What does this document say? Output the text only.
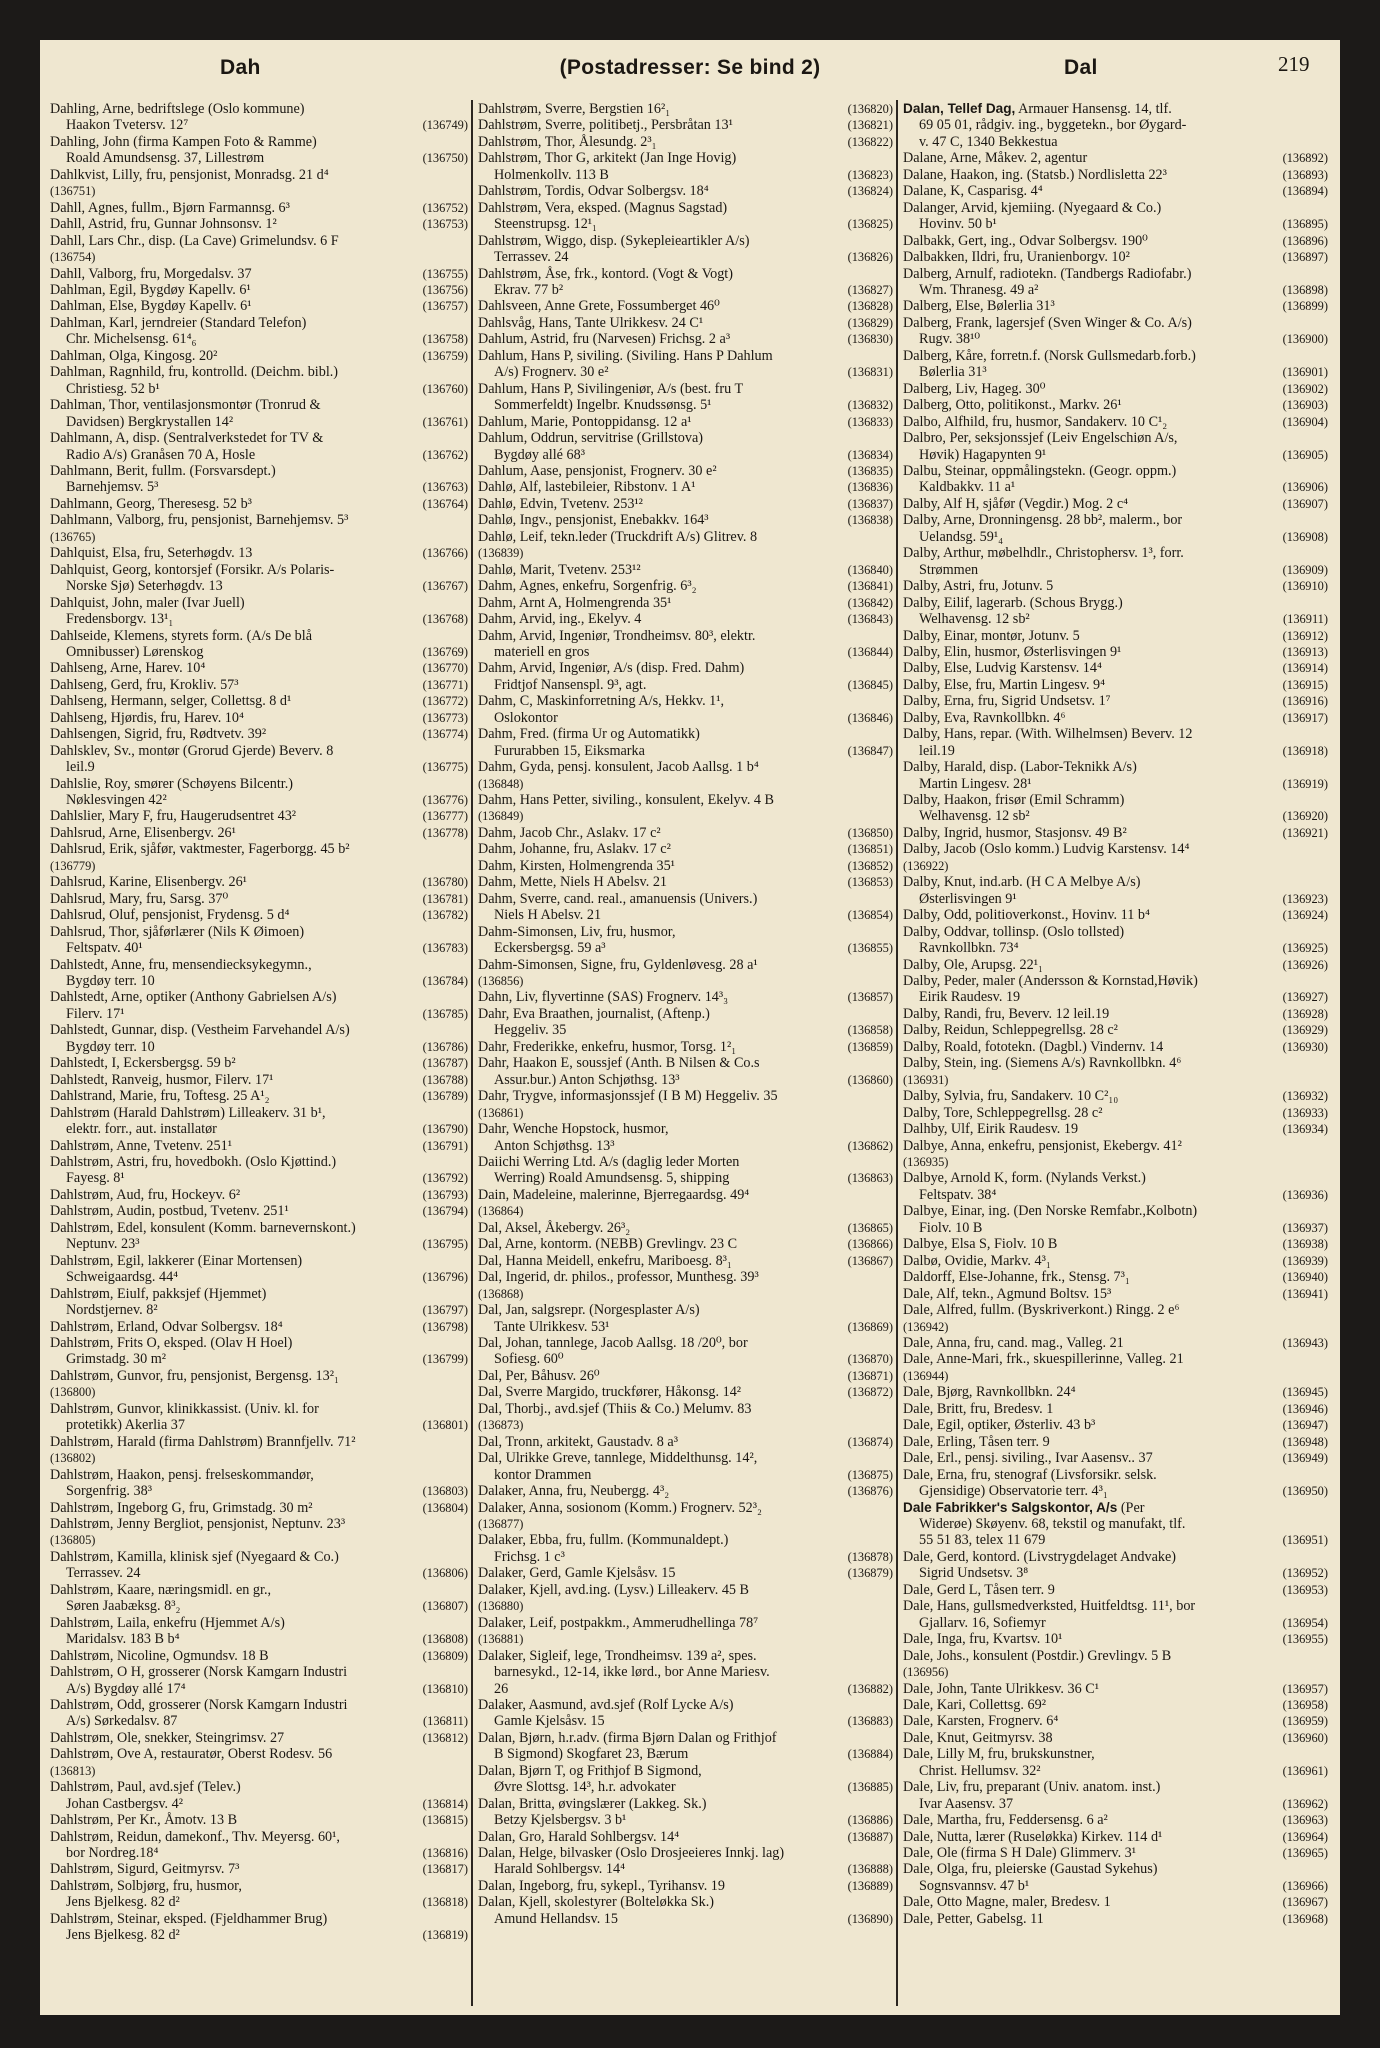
Dah	(Postadresser: Se bind 2)	Dal	219
Dahling, Arne, bedriftslege (Oslo kommune)
Haakon Tvetersv. 12⁷	(136749)
Dahling, John (firma Kampen Foto & Ramme)
Roald Amundsensg. 37, Lillestrøm	(136750)
Dahlkvist, Lilly, fru, pensjonist, Monradsg. 21 d⁴
(136751)
Dahll, Agnes, fullm., Bjørn Farmannsg. 6³	(136752)
Dahll, Astrid, fru, Gunnar Johnsonsv. 1²	(136753)
Dahll, Lars Chr., disp. (La Cave) Grimelundsv. 6 F
(136754)
Dahll, Valborg, fru, Morgedalsv. 37	(136755)
Dahlman, Egil, Bygdøy Kapellv. 6¹	(136756)
Dahlman, Else, Bygdøy Kapellv. 6¹	(136757)
Dahlman, Karl, jerndreier (Standard Telefon)
Chr. Michelsensg. 61⁴₆	(136758)
Dahlman, Olga, Kingosg. 20²	(136759)
Dahlman, Ragnhild, fru, kontrolld. (Deichm. bibl.)
Christiesg. 52 b¹	(136760)
Dahlman, Thor, ventilasjonsmontør (Tronrud &
Davidsen) Bergkrystallen 14²	(136761)
Dahlmann, A, disp. (Sentralverkstedet for TV &
Radio A/s) Granåsen 70 A, Hosle	(136762)
Dahlmann, Berit, fullm. (Forsvarsdept.)
Barnehjemsv. 5³	(136763)
Dahlmann, Georg, Theresesg. 52 b³	(136764)
Dahlmann, Valborg, fru, pensjonist, Barnehjemsv. 5³
(136765)
Dahlquist, Elsa, fru, Seterhøgdv. 13	(136766)
Dahlquist, Georg, kontorsjef (Forsikr. A/s Polaris-
Norske Sjø) Seterhøgdv. 13	(136767)
Dahlquist, John, maler (Ivar Juell)
Fredensborgv. 13¹₁	(136768)
Dahlseide, Klemens, styrets form. (A/s De blå
Omnibusser) Lørenskog	(136769)
Dahlseng, Arne, Harev. 10⁴	(136770)
Dahlseng, Gerd, fru, Krokliv. 57³	(136771)
Dahlseng, Hermann, selger, Collettsg. 8 d¹	(136772)
Dahlseng, Hjørdis, fru, Harev. 10⁴	(136773)
Dahlsengen, Sigrid, fru, Rødtvetv. 39²	(136774)
Dahlsklev, Sv., montør (Grorud Gjerde) Beverv. 8
leil.9	(136775)
Dahlslie, Roy, smører (Schøyens Bilcentr.)
Nøklesvingen 42²	(136776)
Dahlslier, Mary F, fru, Haugerudsentret 43²	(136777)
Dahlsrud, Arne, Elisenbergv. 26¹	(136778)
Dahlsrud, Erik, sjåfør, vaktmester, Fagerborgg. 45 b²
(136779)
Dahlsrud, Karine, Elisenbergv. 26¹	(136780)
Dahlsrud, Mary, fru, Sarsg. 37⁰	(136781)
Dahlsrud, Oluf, pensjonist, Frydensg. 5 d⁴	(136782)
Dahlsrud, Thor, sjåførlærer (Nils K Øimoen)
Feltspatv. 40¹	(136783)
Dahlstedt, Anne, fru, mensendiecksykegymn.,
Bygdøy terr. 10	(136784)
Dahlstedt, Arne, optiker (Anthony Gabrielsen A/s)
Filerv. 17¹	(136785)
Dahlstedt, Gunnar, disp. (Vestheim Farvehandel A/s)
Bygdøy terr. 10	(136786)
Dahlstedt, I, Eckersbergsg. 59 b²	(136787)
Dahlstedt, Ranveig, husmor, Filerv. 17¹	(136788)
Dahlstrand, Marie, fru, Toftesg. 25 A¹₂	(136789)
Dahlstrøm (Harald Dahlstrøm) Lilleakerv. 31 b¹,
elektr. forr., aut. installatør	(136790)
Dahlstrøm, Anne, Tvetenv. 251¹	(136791)
Dahlstrøm, Astri, fru, hovedbokh. (Oslo Kjøttind.)
Fayesg. 8¹	(136792)
Dahlstrøm, Aud, fru, Hockeyv. 6²	(136793)
Dahlstrøm, Audin, postbud, Tvetenv. 251¹	(136794)
Dahlstrøm, Edel, konsulent (Komm. barnevernskont.)
Neptunv. 23³	(136795)
Dahlstrøm, Egil, lakkerer (Einar Mortensen)
Schweigaardsg. 44⁴	(136796)
Dahlstrøm, Eiulf, pakksjef (Hjemmet)
Nordstjernev. 8²	(136797)
Dahlstrøm, Erland, Odvar Solbergsv. 18⁴	(136798)
Dahlstrøm, Frits O, eksped. (Olav H Hoel)
Grimstadg. 30 m²	(136799)
Dahlstrøm, Gunvor, fru, pensjonist, Bergensg. 13²₁
(136800)
Dahlstrøm, Gunvor, klinikkassist. (Univ. kl. for
protetikk) Akerlia 37	(136801)
Dahlstrøm, Harald (firma Dahlstrøm) Brannfjellv. 71²
(136802)
Dahlstrøm, Haakon, pensj. frelseskommandør,
Sorgenfrig. 38³	(136803)
Dahlstrøm, Ingeborg G, fru, Grimstadg. 30 m²	(136804)
Dahlstrøm, Jenny Bergliot, pensjonist, Neptunv. 23³
(136805)
Dahlstrøm, Kamilla, klinisk sjef (Nyegaard & Co.)
Terrassev. 24	(136806)
Dahlstrøm, Kaare, næringsmidl. en gr.,
Søren Jaabæksg. 8³₂	(136807)
Dahlstrøm, Laila, enkefru (Hjemmet A/s)
Maridalsv. 183 B b⁴	(136808)
Dahlstrøm, Nicoline, Ogmundsv. 18 B	(136809)
Dahlstrøm, O H, grosserer (Norsk Kamgarn Industri
A/s) Bygdøy allé 17⁴	(136810)
Dahlstrøm, Odd, grosserer (Norsk Kamgarn Industri
A/s) Sørkedalsv. 87	(136811)
Dahlstrøm, Ole, snekker, Steingrimsv. 27	(136812)
Dahlstrøm, Ove A, restauratør, Oberst Rodesv. 56
(136813)
Dahlstrøm, Paul, avd.sjef (Telev.)
Johan Castbergsv. 4²	(136814)
Dahlstrøm, Per Kr., Åmotv. 13 B	(136815)
Dahlstrøm, Reidun, damekonf., Thv. Meyersg. 60¹,
bor Nordreg.18⁴	(136816)
Dahlstrøm, Sigurd, Geitmyrsv. 7³	(136817)
Dahlstrøm, Solbjørg, fru, husmor,
Jens Bjelkesg. 82 d²	(136818)
Dahlstrøm, Steinar, eksped. (Fjeldhammer Brug)
Jens Bjelkesg. 82 d²	(136819)
Dahlstrøm, Sverre, Bergstien 16²₁	(136820)
Dahlstrøm, Sverre, politibetj., Persbråtan 13¹	(136821)
Dahlstrøm, Thor, Ålesundg. 2³₁	(136822)
Dahlstrøm, Thor G, arkitekt (Jan Inge Hovig)
Holmenkollv. 113 B	(136823)
Dahlstrøm, Tordis, Odvar Solbergsv. 18⁴	(136824)
Dahlstrøm, Vera, eksped. (Magnus Sagstad)
Steenstrupsg. 12¹₁	(136825)
Dahlstrøm, Wiggo, disp. (Sykepleieartikler A/s)
Terrassev. 24	(136826)
Dahlstrøm, Åse, frk., kontord. (Vogt & Vogt)
Ekrav. 77 b²	(136827)
Dahlsveen, Anne Grete, Fossumberget 46⁰	(136828)
Dahlsvåg, Hans, Tante Ulrikkesv. 24 C¹	(136829)
Dahlum, Astrid, fru (Narvesen) Frichsg. 2 a³	(136830)
Dahlum, Hans P, siviling. (Siviling. Hans P Dahlum
A/s) Frognerv. 30 e²	(136831)
Dahlum, Hans P, Sivilingeniør, A/s (best. fru T
Sommerfeldt) Ingelbr. Knudssønsg. 5¹	(136832)
Dahlum, Marie, Pontoppidansg. 12 a¹	(136833)
Dahlum, Oddrun, servitrise (Grillstova)
Bygdøy allé 68³	(136834)
Dahlum, Aase, pensjonist, Frognerv. 30 e²	(136835)
Dahlø, Alf, lastebileier, Ribstonv. 1 A¹	(136836)
Dahlø, Edvin, Tvetenv. 253¹²	(136837)
Dahlø, Ingv., pensjonist, Enebakkv. 164³	(136838)
Dahlø, Leif, tekn.leder (Truckdrift A/s) Glitrev. 8
(136839)
Dahlø, Marit, Tvetenv. 253¹²	(136840)
Dahm, Agnes, enkefru, Sorgenfrig. 6³₂	(136841)
Dahm, Arnt A, Holmengrenda 35¹	(136842)
Dahm, Arvid, ing., Ekelyv. 4	(136843)
Dahm, Arvid, Ingeniør, Trondheimsv. 80³, elektr.
materiell en gros	(136844)
Dahm, Arvid, Ingeniør, A/s (disp. Fred. Dahm)
Fridtjof Nansenspl. 9³, agt.	(136845)
Dahm, C, Maskinforretning A/s, Hekkv. 1¹,
Oslokontor	(136846)
Dahm, Fred. (firma Ur og Automatikk)
Fururabben 15, Eiksmarka	(136847)
Dahm, Gyda, pensj. konsulent, Jacob Aallsg. 1 b⁴
(136848)
Dahm, Hans Petter, siviling., konsulent, Ekelyv. 4 B
(136849)
Dahm, Jacob Chr., Aslakv. 17 c²	(136850)
Dahm, Johanne, fru, Aslakv. 17 c²	(136851)
Dahm, Kirsten, Holmengrenda 35¹	(136852)
Dahm, Mette, Niels H Abelsv. 21	(136853)
Dahm, Sverre, cand. real., amanuensis (Univers.)
Niels H Abelsv. 21	(136854)
Dahm-Simonsen, Liv, fru, husmor,
Eckersbergsg. 59 a³	(136855)
Dahm-Simonsen, Signe, fru, Gyldenløvesg. 28 a¹
(136856)
Dahn, Liv, flyvertinne (SAS) Frognerv. 14³₃	(136857)
Dahr, Eva Braathen, journalist, (Aftenp.)
Heggeliv. 35	(136858)
Dahr, Frederikke, enkefru, husmor, Torsg. 1²₁	(136859)
Dahr, Haakon E, soussjef (Anth. B Nilsen & Co.s
Assur.bur.) Anton Schjøthsg. 13³	(136860)
Dahr, Trygve, informasjonssjef (I B M) Heggeliv. 35
(136861)
Dahr, Wenche Hopstock, husmor,
Anton Schjøthsg. 13³	(136862)
Daiichi Werring Ltd. A/s (daglig leder Morten
Werring) Roald Amundsensg. 5, shipping	(136863)
Dain, Madeleine, malerinne, Bjerregaardsg. 49⁴
(136864)
Dal, Aksel, Åkebergv. 26³₂	(136865)
Dal, Arne, kontorm. (NEBB) Grevlingv. 23 C	(136866)
Dal, Hanna Meidell, enkefru, Mariboesg. 8³₁	(136867)
Dal, Ingerid, dr. philos., professor, Munthesg. 39³
(136868)
Dal, Jan, salgsrepr. (Norgesplaster A/s)
Tante Ulrikkesv. 53¹	(136869)
Dal, Johan, tannlege, Jacob Aallsg. 18 /20⁰, bor
Sofiesg. 60⁰	(136870)
Dal, Per, Båhusv. 26⁰	(136871)
Dal, Sverre Margido, truckfører, Håkonsg. 14²	(136872)
Dal, Thorbj., avd.sjef (Thiis & Co.) Melumv. 83
(136873)
Dal, Tronn, arkitekt, Gaustadv. 8 a³	(136874)
Dal, Ulrikke Greve, tannlege, Middelthunsg. 14²,
kontor Drammen	(136875)
Dalaker, Anna, fru, Neubergg. 4³₂	(136876)
Dalaker, Anna, sosionom (Komm.) Frognerv. 52³₂
(136877)
Dalaker, Ebba, fru, fullm. (Kommunaldept.)
Frichsg. 1 c³	(136878)
Dalaker, Gerd, Gamle Kjelsåsv. 15	(136879)
Dalaker, Kjell, avd.ing. (Lysv.) Lilleakerv. 45 B
(136880)
Dalaker, Leif, postpakkm., Ammerudhellinga 78⁷
(136881)
Dalaker, Sigleif, lege, Trondheimsv. 139 a², spes.
barnesykd., 12-14, ikke lørd., bor Anne Mariesv.
26	(136882)
Dalaker, Aasmund, avd.sjef (Rolf Lycke A/s)
Gamle Kjelsåsv. 15	(136883)
Dalan, Bjørn, h.r.adv. (firma Bjørn Dalan og Frithjof
B Sigmond) Skogfaret 23, Bærum	(136884)
Dalan, Bjørn T, og Frithjof B Sigmond,
Øvre Slottsg. 14³, h.r. advokater	(136885)
Dalan, Britta, øvingslærer (Lakkeg. Sk.)
Betzy Kjelsbergsv. 3 b¹	(136886)
Dalan, Gro, Harald Sohlbergsv. 14⁴	(136887)
Dalan, Helge, bilvasker (Oslo Drosjeeieres Innkj. lag)
Harald Sohlbergsv. 14⁴	(136888)
Dalan, Ingeborg, fru, sykepl., Tyrihansv. 19	(136889)
Dalan, Kjell, skolestyrer (Bolteløkka Sk.)
Amund Hellandsv. 15	(136890)
Dalan, Tellef Dag, Armauer Hansensg. 14, tlf.
69 05 01, rådgiv. ing., byggetekn., bor Øygard-
v. 47 C, 1340 Bekkestua
Dalane, Arne, Måkev. 2, agentur	(136892)
Dalane, Haakon, ing. (Statsb.) Nordlisletta 22³	(136893)
Dalane, K, Casparisg. 4⁴	(136894)
Dalanger, Arvid, kjemiing. (Nyegaard & Co.)
Hovinv. 50 b¹	(136895)
Dalbakk, Gert, ing., Odvar Solbergsv. 190⁰	(136896)
Dalbakken, Ildri, fru, Uranienborgv. 10²	(136897)
Dalberg, Arnulf, radiotekn. (Tandbergs Radiofabr.)
Wm. Thranesg. 49 a²	(136898)
Dalberg, Else, Bølerlia 31³	(136899)
Dalberg, Frank, lagersjef (Sven Winger & Co. A/s)
Rugv. 38¹⁰	(136900)
Dalberg, Kåre, forretn.f. (Norsk Gullsmedarb.forb.)
Bølerlia 31³	(136901)
Dalberg, Liv, Hageg. 30⁰	(136902)
Dalberg, Otto, politikonst., Markv. 26¹	(136903)
Dalbo, Alfhild, fru, husmor, Sandakerv. 10 C¹₂	(136904)
Dalbro, Per, seksjonssjef (Leiv Engelschiøn A/s,
Høvik) Hagapynten 9¹	(136905)
Dalbu, Steinar, oppmålingstekn. (Geogr. oppm.)
Kaldbakkv. 11 a¹	(136906)
Dalby, Alf H, sjåfør (Vegdir.) Mog. 2 c⁴	(136907)
Dalby, Arne, Dronningensg. 28 bb², malerm., bor
Uelandsg. 59¹₄	(136908)
Dalby, Arthur, møbelhdlr., Christophersv. 1³, forr.
Strømmen	(136909)
Dalby, Astri, fru, Jotunv. 5	(136910)
Dalby, Eilif, lagerarb. (Schous Brygg.)
Welhavensg. 12 sb²	(136911)
Dalby, Einar, montør, Jotunv. 5	(136912)
Dalby, Elin, husmor, Østerlisvingen 9¹	(136913)
Dalby, Else, Ludvig Karstensv. 14⁴	(136914)
Dalby, Else, fru, Martin Lingesv. 9⁴	(136915)
Dalby, Erna, fru, Sigrid Undsetsv. 1⁷	(136916)
Dalby, Eva, Ravnkollbkn. 4⁶	(136917)
Dalby, Hans, repar. (With. Wilhelmsen) Beverv. 12
leil.19	(136918)
Dalby, Harald, disp. (Labor-Teknikk A/s)
Martin Lingesv. 28¹	(136919)
Dalby, Haakon, frisør (Emil Schramm)
Welhavensg. 12 sb²	(136920)
Dalby, Ingrid, husmor, Stasjonsv. 49 B²	(136921)
Dalby, Jacob (Oslo komm.) Ludvig Karstensv. 14⁴
(136922)
Dalby, Knut, ind.arb. (H C A Melbye A/s)
Østerlisvingen 9¹	(136923)
Dalby, Odd, politioverkonst., Hovinv. 11 b⁴	(136924)
Dalby, Oddvar, tollinsp. (Oslo tollsted)
Ravnkollbkn. 73⁴	(136925)
Dalby, Ole, Arupsg. 22¹₁	(136926)
Dalby, Peder, maler (Andersson & Kornstad,Høvik)
Eirik Raudesv. 19	(136927)
Dalby, Randi, fru, Beverv. 12 leil.19	(136928)
Dalby, Reidun, Schleppegrellsg. 28 c²	(136929)
Dalby, Roald, fototekn. (Dagbl.) Vindernv. 14	(136930)
Dalby, Stein, ing. (Siemens A/s) Ravnkollbkn. 4⁶
(136931)
Dalby, Sylvia, fru, Sandakerv. 10 C²₁₀	(136932)
Dalby, Tore, Schleppegrellsg. 28 c²	(136933)
Dalhby, Ulf, Eirik Raudesv. 19	(136934)
Dalbye, Anna, enkefru, pensjonist, Ekebergv. 41²
(136935)
Dalbye, Arnold K, form. (Nylands Verkst.)
Feltspatv. 38⁴	(136936)
Dalbye, Einar, ing. (Den Norske Remfabr.,Kolbotn)
Fiolv. 10 B	(136937)
Dalbye, Elsa S, Fiolv. 10 B	(136938)
Dalbø, Ovidie, Markv. 4³₁	(136939)
Daldorff, Else-Johanne, frk., Stensg. 7³₁	(136940)
Dale, Alf, tekn., Agmund Boltsv. 15³	(136941)
Dale, Alfred, fullm. (Byskriverkont.) Ringg. 2 e⁶
(136942)
Dale, Anna, fru, cand. mag., Valleg. 21	(136943)
Dale, Anne-Mari, frk., skuespillerinne, Valleg. 21
(136944)
Dale, Bjørg, Ravnkollbkn. 24⁴	(136945)
Dale, Britt, fru, Bredesv. 1	(136946)
Dale, Egil, optiker, Østerliv. 43 b³	(136947)
Dale, Erling, Tåsen terr. 9	(136948)
Dale, Erl., pensj. siviling., Ivar Aasensv.. 37	(136949)
Dale, Erna, fru, stenograf (Livsforsikr. selsk.
Gjensidige) Observatorie terr. 4³₁	(136950)
Dale Fabrikker's Salgskontor, A/s (Per
Widerøe) Skøyenv. 68, tekstil og manufakt, tlf.
55 51 83, telex 11 679	(136951)
Dale, Gerd, kontord. (Livstrygdelaget Andvake)
Sigrid Undsetsv. 3⁸	(136952)
Dale, Gerd L, Tåsen terr. 9	(136953)
Dale, Hans, gullsmedverksted, Huitfeldtsg. 11¹, bor
Gjallarv. 16, Sofiemyr	(136954)
Dale, Inga, fru, Kvartsv. 10¹	(136955)
Dale, Johs., konsulent (Postdir.) Grevlingv. 5 B
(136956)
Dale, John, Tante Ulrikkesv. 36 C¹	(136957)
Dale, Kari, Collettsg. 69²	(136958)
Dale, Karsten, Frognerv. 6⁴	(136959)
Dale, Knut, Geitmyrsv. 38	(136960)
Dale, Lilly M, fru, brukskunstner,
Christ. Hellumsv. 32²	(136961)
Dale, Liv, fru, preparant (Univ. anatom. inst.)
Ivar Aasensv. 37	(136962)
Dale, Martha, fru, Feddersensg. 6 a²	(136963)
Dale, Nutta, lærer (Ruseløkka) Kirkev. 114 d¹	(136964)
Dale, Ole (firma S H Dale) Glimmerv. 3¹	(136965)
Dale, Olga, fru, pleierske (Gaustad Sykehus)
Sognsvannsv. 47 b¹	(136966)
Dale, Otto Magne, maler, Bredesv. 1	(136967)
Dale, Petter, Gabelsg. 11	(136968)
